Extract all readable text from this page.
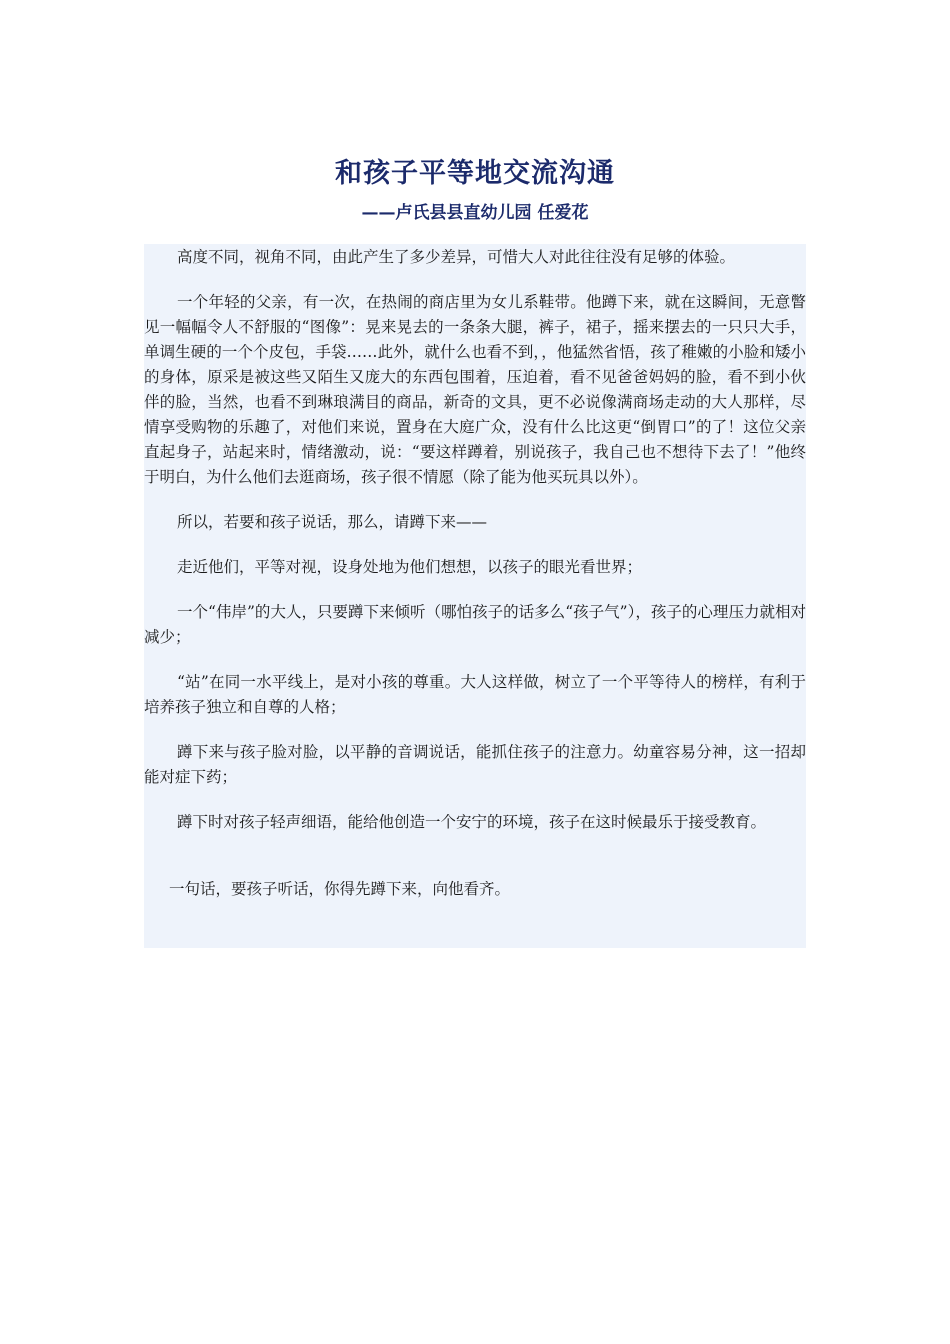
和孩子平等地交流沟通
——卢氏县县直幼儿园 任爱花

高度不同，视角不同，由此产生了多少差异，可惜大人对此往往没有足够的体验。

一个年轻的父亲，有一次，在热闹的商店里为女儿系鞋带。他蹲下来，就在这瞬间，无意瞥见一幅幅令人不舒服的“图像”：晃来晃去的一条条大腿，裤子，裙子，摇来摆去的一只只大手，单调生硬的一个个皮包，手袋……此外，就什么也看不到，，他猛然省悟，孩了稚嫩的小脸和矮小的身体，原采是被这些又陌生又庞大的东西包围着，压迫着，看不见爸爸妈妈的脸，看不到小伙伴的脸，当然，也看不到琳琅满目的商品，新奇的文具，更不必说像满商场走动的大人那样，尽情享受购物的乐趣了，对他们来说，置身在大庭广众，没有什么比这更“倒胃口”的了！这位父亲直起身子，站起来时，情绪激动，说：“要这样蹲着，别说孩子，我自己也不想待下去了！”他终于明白，为什么他们去逛商场，孩子很不情愿（除了能为他买玩具以外）。

所以，若要和孩子说话，那么，请蹲下来——

走近他们，平等对视，设身处地为他们想想，以孩子的眼光看世界；

一个“伟岸”的大人，只要蹲下来倾听（哪怕孩子的话多么“孩子气”），孩子的心理压力就相对减少；

“站”在同一水平线上，是对小孩的尊重。大人这样做，树立了一个平等待人的榜样，有利于培养孩子独立和自尊的人格；

蹲下来与孩子脸对脸，以平静的音调说话，能抓住孩子的注意力。幼童容易分神，这一招却能对症下药；

蹲下时对孩子轻声细语，能给他创造一个安宁的环境，孩子在这时候最乐于接受教育。

一句话，要孩子听话，你得先蹲下来，向他看齐。
